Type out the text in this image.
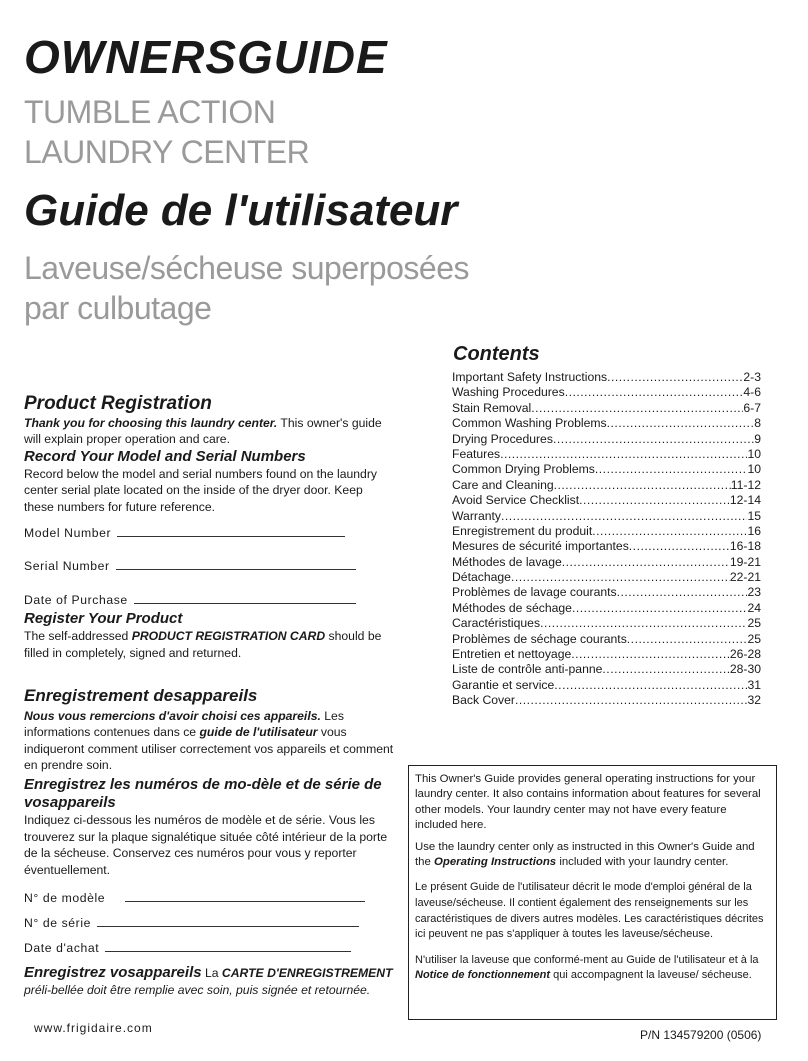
OWNERSGUIDE
TUMBLE ACTION
LAUNDRY CENTER
Guide de l'utilisateur
Laveuse/sécheuse superposées
par culbutage
Product Registration

Thank you for choosing this laundry center. This owner's guide will explain proper operation and care.

Record Your Model and Serial Numbers

Record below the model and serial numbers found on the laundry center serial plate located on the inside of the dryer door. Keep these numbers for future reference.

Model Number
Serial Number
Date of Purchase
Register Your Product

The self-addressed PRODUCT REGISTRATION CARD should be filled in completely, signed and returned.

Enregistrement desappareils

Nous vous remercions d'avoir choisi ces appareils. Les informations contenues dans ce guide de l'utilisateur vous indiqueront comment utiliser correctement vos appareils et comment en prendre soin.

Enregistrez les numéros de mo-dèle et de série de vosappareils

Indiquez ci-dessous les numéros de modèle et de série. Vous les trouverez sur la plaque signalétique située côté intérieur de la porte de la sécheuse. Conservez ces numéros pour vous y reporter éventuellement.

N° de modèle
N° de série
Date d'achat
Enregistrez vosappareils La CARTE D'ENREGISTREMENT

préli-bellée doit être remplie avec soin, puis signée et retournée.

Contents
Important Safety Instructions .....	2-3
Washing Procedures .....	4-6
Stain Removal .....	6-7
Common Washing Problems .....	8
Drying Procedures .....	9
Features .....	10
Common Drying Problems .....	10
Care and Cleaning .....	11-12
Avoid Service Checklist .....	12-14
Warranty .....	15
Enregistrement du produit .....	16
Mesures de sécurité importantes .....	16-18
Méthodes de lavage .....	19-21
Détachage .....	22-21
Problèmes de lavage courants .....	23
Méthodes de séchage .....	24
Caractéristiques .....	25
Problèmes de séchage courants .....	25
Entretien et nettoyage .....	26-28
Liste de contrôle anti-panne .....	28-30
Garantie et service .....	31
Back Cover .....	32

This Owner's Guide provides general operating instructions for your laundry center. It also contains information about features for several other models. Your laundry center may not have every feature included here.

Use the laundry center only as instructed in this Owner's Guide and the Operating Instructions included with your laundry center.

Le présent Guide de l'utilisateur décrit le mode d'emploi général de la laveuse/sécheuse. Il contient également des renseignements sur les caractéristiques de divers autres modèles. Les caractéristiques décrites ici peuvent ne pas s'appliquer à toutes les laveuse/sécheuse.

N'utiliser la laveuse que conformé-ment au Guide de l'utilisateur et à la Notice de fonctionnement qui accompagnent la laveuse/ sécheuse.

www.frigidaire.com	P/N 134579200 (0506)
